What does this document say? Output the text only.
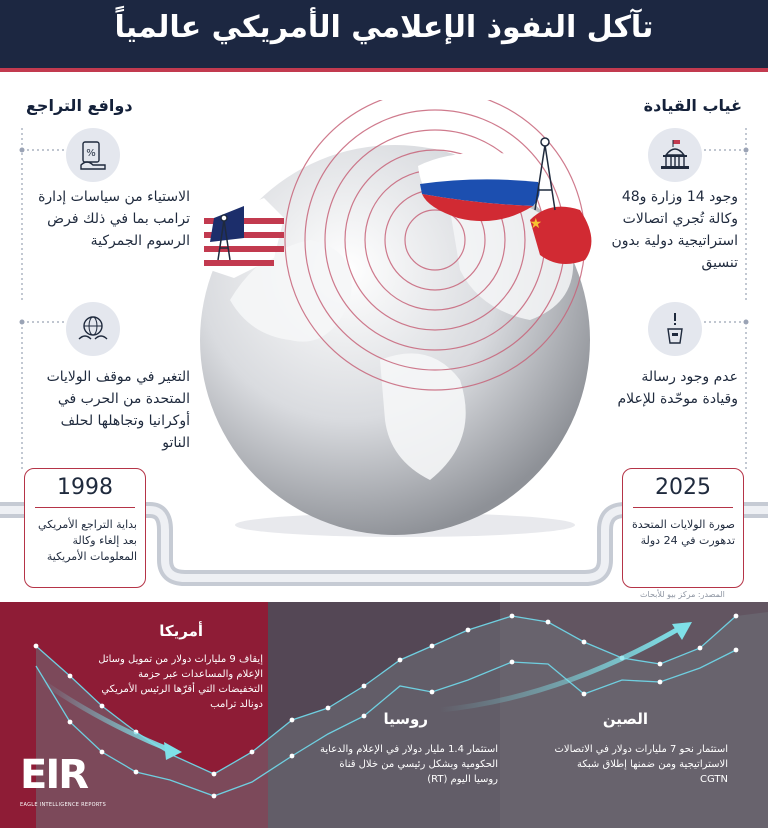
تآكل النفوذ الإعلامي الأمريكي عالمياً
غياب القيادة
دوافع التراجع
%
وجود 14 وزارة و48 وكالة تُجري اتصالات استراتيجية دولية بدون تنسيق
عدم وجود رسالة وقيادة موحّدة للإعلام
الاستياء من سياسات إدارة ترامب بما في ذلك فرض الرسوم الجمركية
التغير في موقف الولايات المتحدة من الحرب في أوكرانيا وتجاهلها لحلف الناتو
★
1998
بداية التراجع الأمريكي بعد إلغاء وكالة المعلومات الأمريكية
2025
صورة الولايات المتحدة تدهورت في 24 دولة
المصدر: مركز بيو للأبحاث
أمريكا
إيقاف 9 مليارات دولار من تمويل وسائل الإعلام والمساعدات عبر حزمة التخفيضات التي أقرّها الرئيس الأمريكي دونالد ترامب
روسيا
استثمار 1.4 مليار دولار في الإعلام والدعاية الحكومية وبشكل رئيسي من خلال قناة روسيا اليوم (RT)
الصين
استثمار نحو 7 مليارات دولار في الاتصالات الاستراتيجية ومن ضمنها إطلاق شبكة CGTN
EIR
EAGLE INTELLIGENCE REPORTS
